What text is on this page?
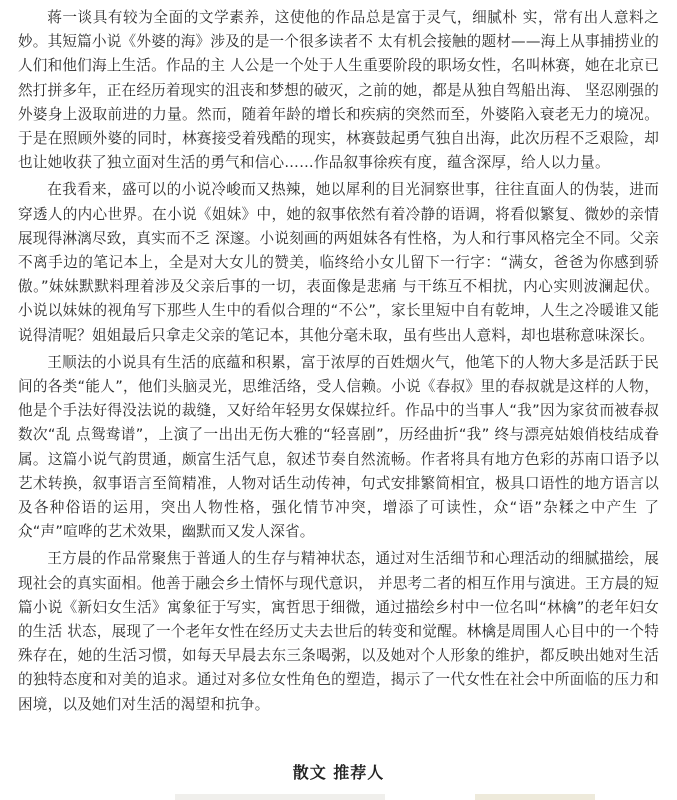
蒋一谈具有较为全面的文学素养，这使他的作品总是富于灵气，细腻朴 实，常有出人意料之妙。其短篇小说《外婆的海》涉及的是一个很多读者不 太有机会接触的题材——海上从事捕捞业的人们和他们海上生活。作品的主 人公是一个处于人生重要阶段的职场女性，名叫林赛，她在北京已然打拼多年，正在经历着现实的沮丧和梦想的破灭，之前的她，都是从独自驾船出海、 坚忍刚强的外婆身上汲取前进的力量。然而，随着年龄的增长和疾病的突然而至，外婆陷入衰老无力的境况。于是在照顾外婆的同时，林赛接受着残酷的现实，林赛鼓起勇气独自出海，此次历程不乏艰险，却也让她收获了独立面对生活的勇气和信心……作品叙事徐疾有度，蕴含深厚，给人以力量。

在我看来，盛可以的小说冷峻而又热辣，她以犀利的目光洞察世事，往往直面人的伪装，进而穿透人的内心世界。在小说《姐妹》中，她的叙事依然有着冷静的语调，将看似繁复、微妙的亲情展现得淋漓尽致，真实而不乏 深邃。小说刻画的两姐妹各有性格，为人和行事风格完全不同。父亲不离手边的笔记本上，全是对大女儿的赞美，临终给小女儿留下一行字：“满女，爸爸为你感到骄傲。”妹妹默默料理着涉及父亲后事的一切，表面像是悲痛 与干练互不相扰，内心实则波澜起伏。小说以妹妹的视角写下那些人生中的看似合理的“不公”，家长里短中自有乾坤，人生之冷暖谁又能说得清呢？姐姐最后只拿走父亲的笔记本，其他分毫未取，虽有些出人意料，却也堪称意味深长。

王顺法的小说具有生活的底蕴和积累，富于浓厚的百姓烟火气，他笔下的人物大多是活跃于民间的各类“能人”，他们头脑灵光，思维活络，受人信赖。小说《春叔》里的春叔就是这样的人物，他是个手法好得没法说的裁缝，又好给年轻男女保媒拉纤。作品中的当事人“我”因为家贫而被春叔数次“乱 点鸳鸯谱”，上演了一出出无伤大雅的“轻喜剧”，历经曲折“我” 终与漂亮姑娘俏枝结成眷属。这篇小说气韵贯通，颇富生活气息，叙述节奏自然流畅。作者将具有地方色彩的苏南口语予以艺术转换，叙事语言至简精准，人物对话生动传神，句式安排繁简相宜，极具口语性的地方语言以及各种俗语的运用，突出人物性格，强化情节冲突，增添了可读性，众“语”杂糅之中产生 了众“声”喧哗的艺术效果，幽默而又发人深省。

王方晨的作品常聚焦于普通人的生存与精神状态，通过对生活细节和心理活动的细腻描绘，展现社会的真实面相。他善于融会乡土情怀与现代意识， 并思考二者的相互作用与演进。王方晨的短篇小说《新妇女生活》寓象征于写实，寓哲思于细微，通过描绘乡村中一位名叫“林檎”的老年妇女的生活 状态，展现了一个老年女性在经历丈夫去世后的转变和觉醒。林檎是周围人心目中的一个特殊存在，她的生活习惯，如每天早晨去东三条喝粥，以及她对个人形象的维护，都反映出她对生活的独特态度和对美的追求。通过对多位女性角色的塑造，揭示了一代女性在社会中所面临的压力和困境，以及她们对生活的渴望和抗争。

散文 推荐人
